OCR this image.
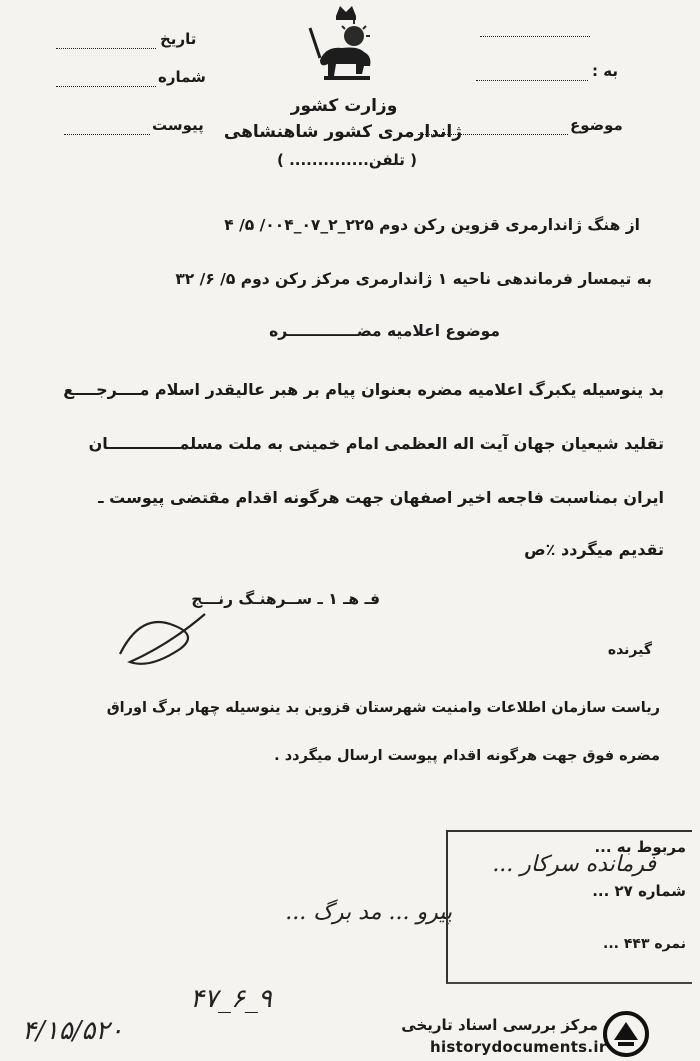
تاریخ
شماره
پیوست
به :
موضوع
وزارت کشور
ژاندارمری کشور شاهنشاهی
( تلفن.............. )
از هنگ ژاندارمری قزوین رکن دوم ۲۲۵_۲_۰۷_۰۰۴/ ۵/ ۴
به تیمسار فرماندهی ناحیه ۱ ژاندارمری مرکز رکن دوم ۵/ ۶/ ۳۲
موضوع اعلامیه مضـــــــــــــره
بد ینوسیله یکبرگ اعلامیه مضره بعنوان پیام بر هبر عالیقدر اسلام مــــرجــــع
تقلید شیعیان جهان آیت اله العظمی امام خمینی به ملت مسلمـــــــــــــان
ایران بمناسبت فاجعه اخیر اصفهان جهت هرگونه اقدام مقتضی پیوست ـ
تقدیم میگردد ٪ص
فـ هـ ۱ ـ ســرهنـگ رنـــج
گیرنده
ریاست سازمان اطلاعات وامنیت شهرستان قزوین بد ینوسیله چهار برگ اوراق
مضره فوق جهت هرگونه اقدام پیوست ارسال میگردد .
فرمانده سرکار ...
پیرو ... مد برگ ...
مربوط به ...
شماره ۲۷ ...
نمره ۴۴۳ ...
۹_۶_۴۷
۴/۱۵/۵۲۰	مرکز بررسی اسناد تاریخی
historydocuments.ir
